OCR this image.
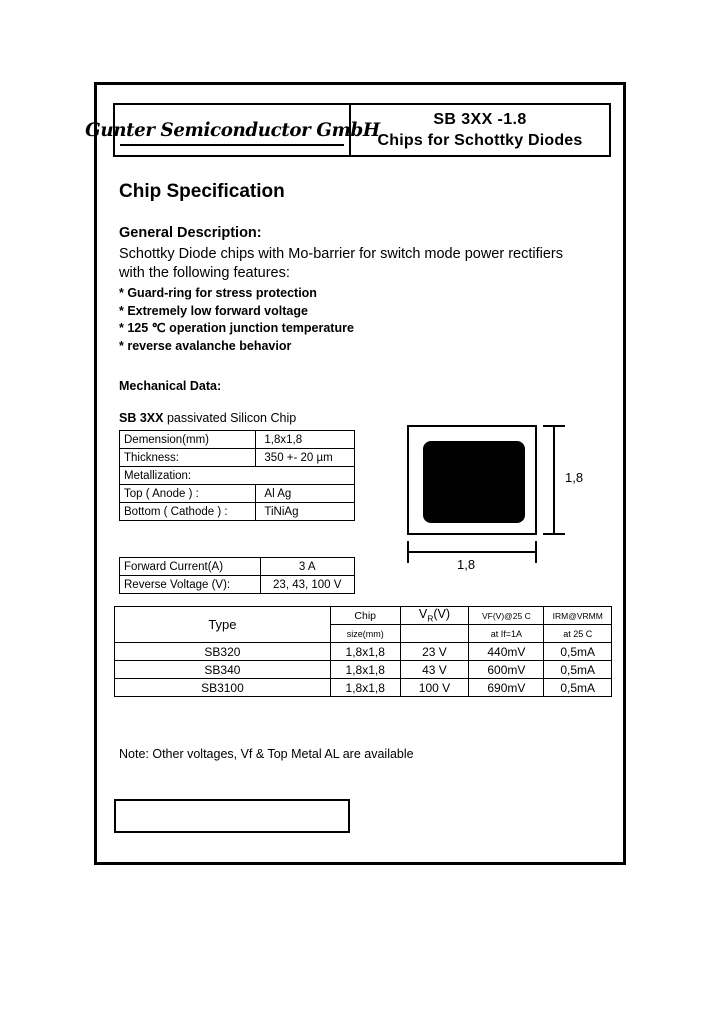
Gunter Semiconductor GmbH	SB 3XX -1.8
Chips for Schottky Diodes
Chip Specification
General Description:
Schottky Diode chips with Mo-barrier for switch mode power rectifiers with the following features:
* Guard-ring for stress protection
* Extremely low forward voltage
* 125 ℃ operation junction temperature
* reverse avalanche behavior
Mechanical Data:
SB 3XX passivated Silicon Chip
Demension(mm)	1,8x1,8
Thickness:	350 +- 20 µm
Metallization:	
Top ( Anode ) :	Al Ag
Bottom ( Cathode ) :	TiNiAg
Forward Current(A)	3 A
Reverse Voltage (V):	23, 43, 100 V
1,8
1,8
Type	Chip	$V_R(V)$	VF(V)@25 C	IRM@VRMM
	size(mm)		at If=1A	at 25 C
SB320	1,8x1,8	23 V	440mV	0,5mA
SB340	1,8x1,8	43 V	600mV	0,5mA
SB3100	1,8x1,8	100 V	690mV	0,5mA
Note: Other voltages, Vf & Top Metal AL are available
